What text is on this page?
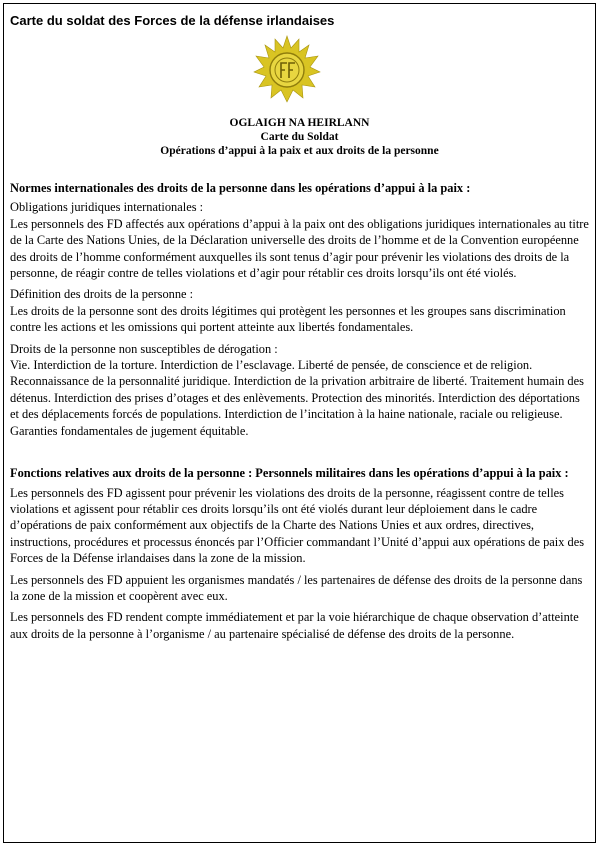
Carte du soldat des Forces de la défense irlandaises
OGLAIGH NA HEIRLANN
Carte du Soldat
Opérations d’appui à la paix et aux droits de la personne
Normes internationales des droits de la personne dans les opérations d’appui à la paix :
Obligations juridiques internationales :
Les personnels des FD affectés aux opérations d’appui à la paix ont des obligations juridiques internationales au titre de la Carte des Nations Unies, de la Déclaration universelle des droits de l’homme et de la Convention européenne des droits de l’homme conformément auxquelles ils sont tenus d’agir pour prévenir les violations des droits de la personne, de réagir contre de telles violations et d’agir pour rétablir ces droits lorsqu’ils ont été violés.
Définition des droits de la personne :
Les droits de la personne sont des droits légitimes qui protègent les personnes et les groupes sans discrimination contre les actions et les omissions qui portent atteinte aux libertés fondamentales.
Droits de la personne non susceptibles de dérogation :
Vie. Interdiction de la torture. Interdiction de l’esclavage. Liberté de pensée, de conscience et de religion. Reconnaissance de la personnalité juridique. Interdiction de la privation arbitraire de liberté. Traitement humain des détenus. Interdiction des prises d’otages et des enlèvements. Protection des minorités. Interdiction des déportations et des déplacements forcés de populations. Interdiction de l’incitation à la haine nationale, raciale ou religieuse. Garanties fondamentales de jugement équitable.
Fonctions relatives aux droits de la personne : Personnels militaires dans les opérations d’appui à la paix :
Les personnels des FD agissent pour prévenir les violations des droits de la personne, réagissent contre de telles violations et agissent pour rétablir ces droits lorsqu’ils ont été violés durant leur déploiement dans le cadre d’opérations de paix conformément aux objectifs de la Charte des Nations Unies et aux ordres, directives, instructions, procédures et processus énoncés par l’Officier commandant l’Unité d’appui aux opérations de paix des Forces de la Défense irlandaises dans la zone de la mission.
Les personnels des FD appuient les organismes mandatés / les partenaires de défense des droits de la personne dans la zone de la mission et coopèrent avec eux.
Les personnels des FD rendent compte immédiatement et par la voie hiérarchique de chaque observation d’atteinte aux droits de la personne à l’organisme / au partenaire spécialisé de défense des droits de la personne.
